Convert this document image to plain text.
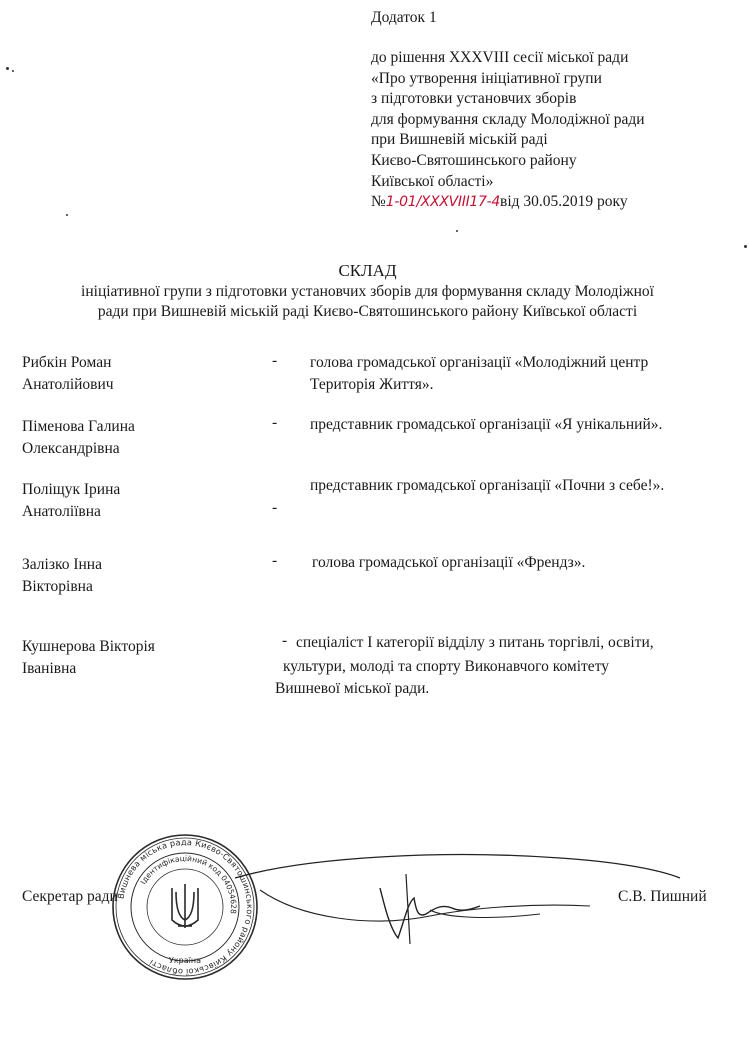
Додаток 1
до рішення XXXVIII сесії міської ради
«Про утворення ініціативної групи
з підготовки установчих зборів
для формування складу Молодіжної ради
при Вишневій міській раді
Києво-Святошинського району
Київської області»
№1-01/XXXVIII17-4від 30.05.2019 року
СКЛАД
ініціативної групи з підготовки установчих зборів для формування складу Молодіжної
ради при Вишневій міській раді Києво-Святошинського району Київської області
Рибкін Роман
Анатолійович
- голова громадської організації «Молодіжний центр
Територія Життя».
Піменова Галина
Олександрівна
- представник громадської організації «Я унікальний».
Поліщук Ірина
Анатоліївна	-
представник громадської організації «Почни з себе!».
Залізко Інна
Вікторівна
- голова громадської організації «Френдз».
Кушнерова Вікторія
Іванівна
- спеціаліст І категорії відділу з питань торгівлі, освіти,
культури, молоді та спорту Виконавчого комітету
Вишневої міської ради.
Вишнева міська рада Києво-Святошинського району Київської області
Ідентифікаційний код 04054628
Україна
Секретар ради	С.В. Пишний
